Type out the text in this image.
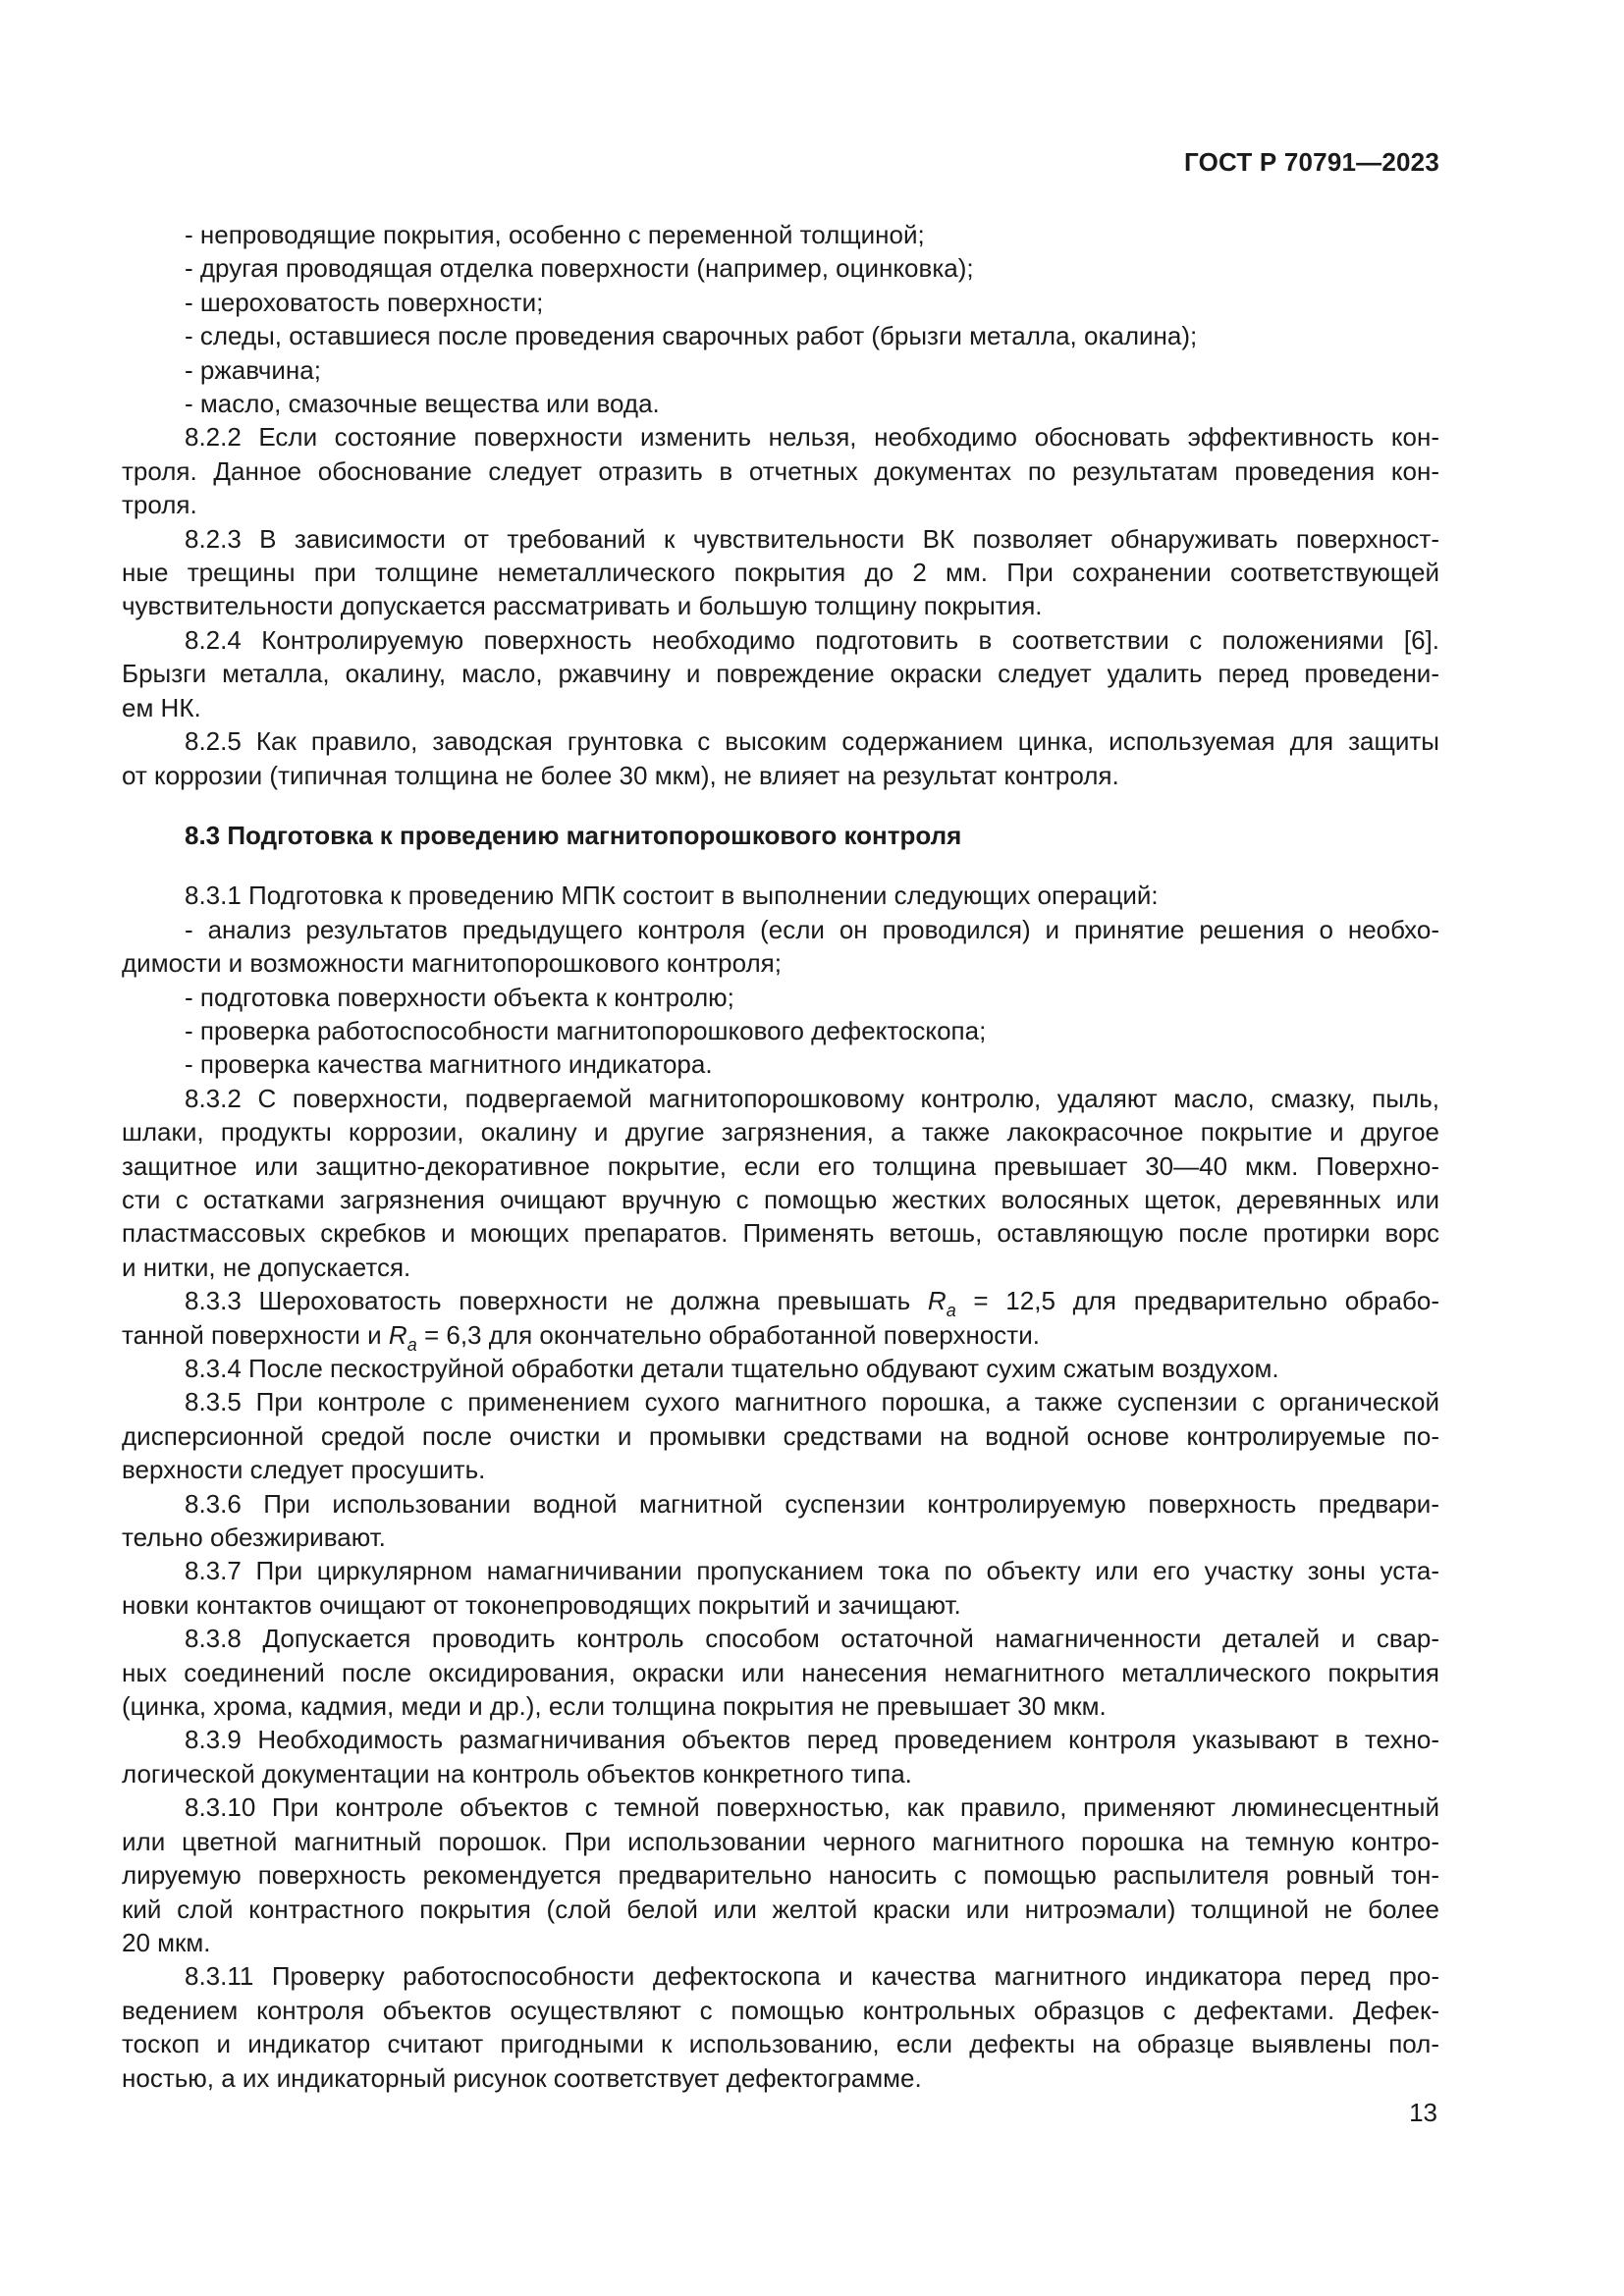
ГОСТ Р 70791—2023
- непроводящие покрытия, особенно с переменной толщиной;
- другая проводящая отделка поверхности (например, оцинковка);
- шероховатость поверхности;
- следы, оставшиеся после проведения сварочных работ (брызги металла, окалина);
- ржавчина;
- масло, смазочные вещества или вода.
8.2.2 Если состояние поверхности изменить нельзя, необходимо обосновать эффективность кон-
троля. Данное обоснование следует отразить в отчетных документах по результатам проведения кон-
троля.
8.2.3 В зависимости от требований к чувствительности ВК позволяет обнаруживать поверхност-
ные трещины при толщине неметаллического покрытия до 2 мм. При сохранении соответствующей
чувствительности допускается рассматривать и большую толщину покрытия.
8.2.4 Контролируемую поверхность необходимо подготовить в соответствии с положениями [6].
Брызги металла, окалину, масло, ржавчину и повреждение окраски следует удалить перед проведени-
ем НК.
8.2.5 Как правило, заводская грунтовка с высоким содержанием цинка, используемая для защиты
от коррозии (типичная толщина не более 30 мкм), не влияет на результат контроля.
8.3 Подготовка к проведению магнитопорошкового контроля
8.3.1 Подготовка к проведению МПК состоит в выполнении следующих операций:
- анализ результатов предыдущего контроля (если он проводился) и принятие решения о необхо-
димости и возможности магнитопорошкового контроля;
- подготовка поверхности объекта к контролю;
- проверка работоспособности магнитопорошкового дефектоскопа;
- проверка качества магнитного индикатора.
8.3.2 С поверхности, подвергаемой магнитопорошковому контролю, удаляют масло, смазку, пыль,
шлаки, продукты коррозии, окалину и другие загрязнения, а также лакокрасочное покрытие и другое
защитное или защитно-декоративное покрытие, если его толщина превышает 30—40 мкм. Поверхно-
сти с остатками загрязнения очищают вручную с помощью жестких волосяных щеток, деревянных или
пластмассовых скребков и моющих препаратов. Применять ветошь, оставляющую после протирки ворс
и нитки, не допускается.
8.3.3 Шероховатость поверхности не должна превышать $R_a = 12,5$ для предварительно обрабо-
танной поверхности и $R_a = 6,3$ для окончательно обработанной поверхности.
8.3.4 После пескоструйной обработки детали тщательно обдувают сухим сжатым воздухом.
8.3.5 При контроле с применением сухого магнитного порошка, а также суспензии с органической
дисперсионной средой после очистки и промывки средствами на водной основе контролируемые по-
верхности следует просушить.
8.3.6 При использовании водной магнитной суспензии контролируемую поверхность предвари-
тельно обезжиривают.
8.3.7 При циркулярном намагничивании пропусканием тока по объекту или его участку зоны уста-
новки контактов очищают от токонепроводящих покрытий и зачищают.
8.3.8 Допускается проводить контроль способом остаточной намагниченности деталей и свар-
ных соединений после оксидирования, окраски или нанесения немагнитного металлического покрытия
(цинка, хрома, кадмия, меди и др.), если толщина покрытия не превышает 30 мкм.
8.3.9 Необходимость размагничивания объектов перед проведением контроля указывают в техно-
логической документации на контроль объектов конкретного типа.
8.3.10 При контроле объектов с темной поверхностью, как правило, применяют люминесцентный
или цветной магнитный порошок. При использовании черного магнитного порошка на темную контро-
лируемую поверхность рекомендуется предварительно наносить с помощью распылителя ровный тон-
кий слой контрастного покрытия (слой белой или желтой краски или нитроэмали) толщиной не более
20 мкм.
8.3.11 Проверку работоспособности дефектоскопа и качества магнитного индикатора перед про-
ведением контроля объектов осуществляют с помощью контрольных образцов с дефектами. Дефек-
тоскоп и индикатор считают пригодными к использованию, если дефекты на образце выявлены пол-
ностью, а их индикаторный рисунок соответствует дефектограмме.
13
